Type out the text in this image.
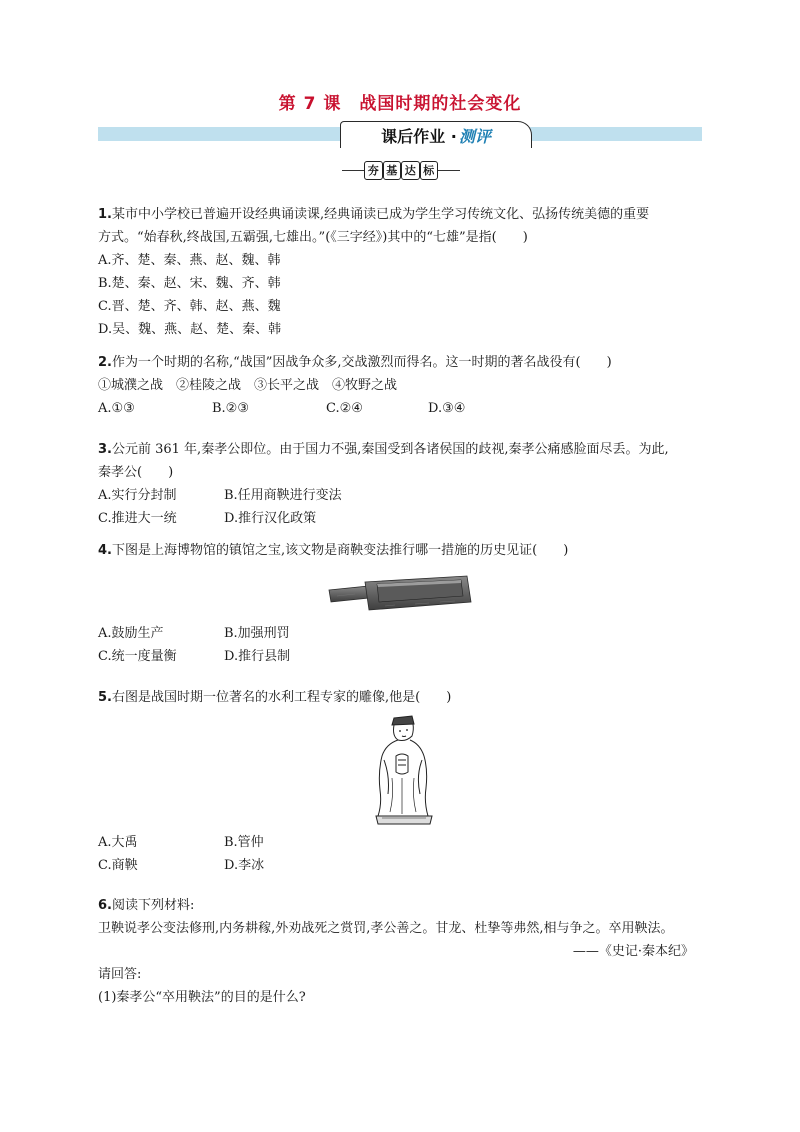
第 7 课 战国时期的社会变化
课后作业 · 测评
夯 基 达 标

1.某市中小学校已普遍开设经典诵读课,经典诵读已成为学生学习传统文化、弘扬传统美德的重要

方式。“始春秋,终战国,五霸强,七雄出。”(《三字经》)其中的“七雄”是指(　　)

A.齐、楚、秦、燕、赵、魏、韩

B.楚、秦、赵、宋、魏、齐、韩

C.晋、楚、齐、韩、赵、燕、魏

D.吴、魏、燕、赵、楚、秦、韩

2.作为一个时期的名称,“战国”因战争众多,交战激烈而得名。这一时期的著名战役有(　　)

①城濮之战　②桂陵之战　③长平之战　④牧野之战

A.①③	B.②③	C.②④	D.③④

3.公元前 361 年,秦孝公即位。由于国力不强,秦国受到各诸侯国的歧视,秦孝公痛感脸面尽丢。为此,

秦孝公(　　)

A.实行分封制	B.任用商鞅进行变法
C.推进大一统	D.推行汉化政策

4.下图是上海博物馆的镇馆之宝,该文物是商鞅变法推行哪一措施的历史见证(　　)

A.鼓励生产	B.加强刑罚
C.统一度量衡	D.推行县制

5.右图是战国时期一位著名的水利工程专家的雕像,他是(　　)

A.大禹	B.管仲
C.商鞅	D.李冰

6.阅读下列材料:

卫鞅说孝公变法修刑,内务耕稼,外劝战死之赏罚,孝公善之。甘龙、杜挚等弗然,相与争之。卒用鞅法。

——《史记·秦本纪》

请回答:

(1)秦孝公“卒用鞅法”的目的是什么?
